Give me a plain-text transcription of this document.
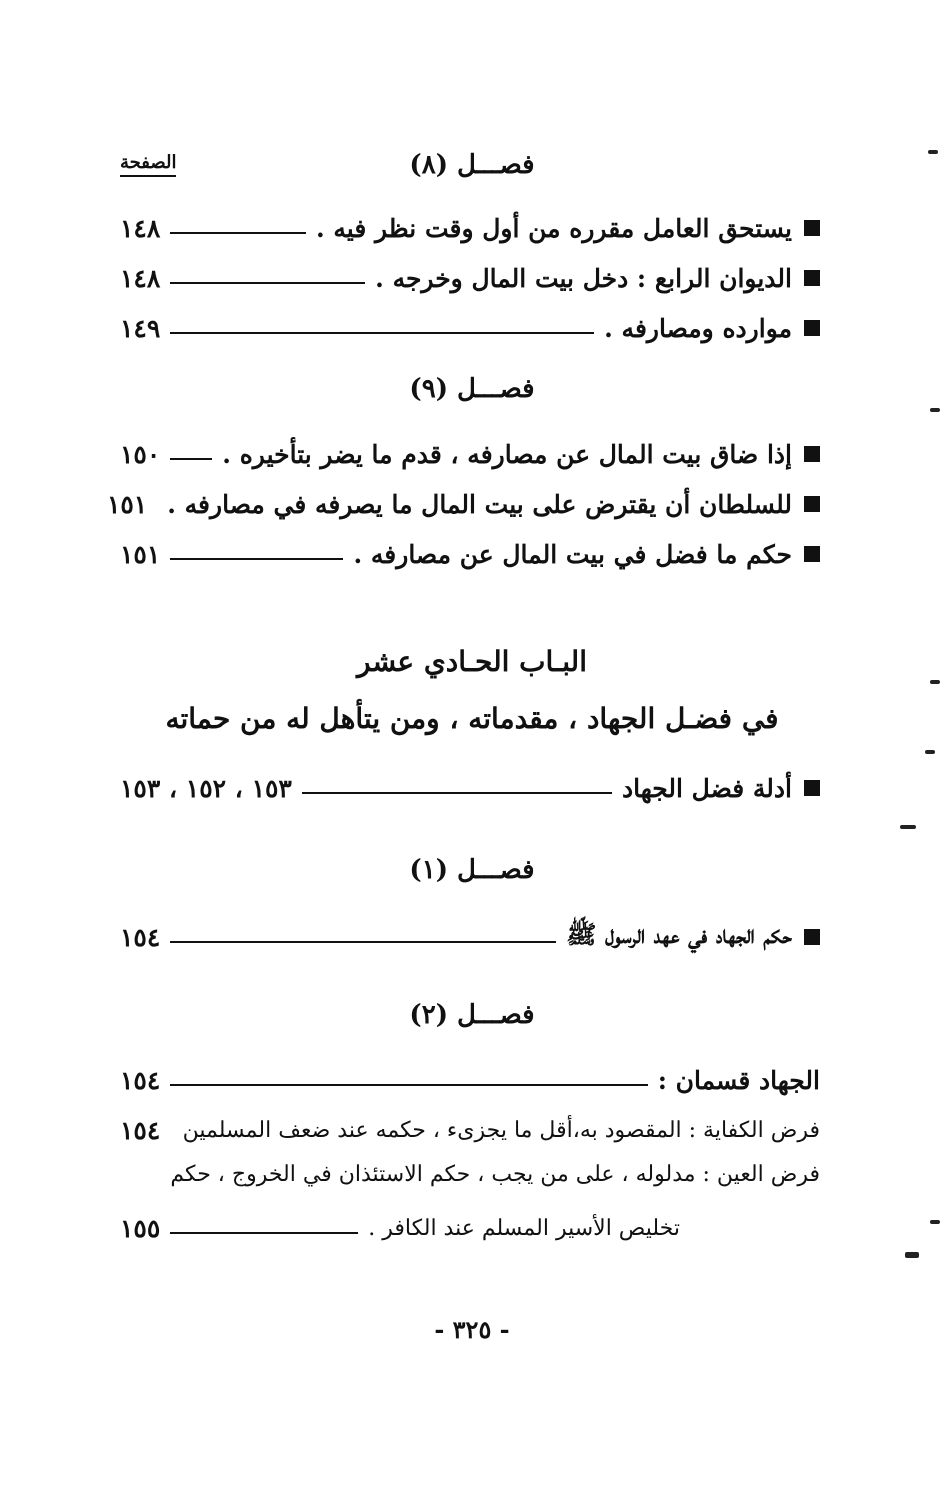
الصفحة	فصـــل (٨)
يستحق العامل مقرره من أول وقت نظر فيه .
١٤٨
الديوان الرابع : دخل بيت المال وخرجه .
١٤٨
موارده ومصارفه .
١٤٩
فصـــل (٩)
إذا ضاق بيت المال عن مصارفه ، قدم ما يضر بتأخيره .
١٥٠
للسلطان أن يقترض على بيت المال ما يصرفه في مصارفه .
١٥١
حكم ما فضل في بيت المال عن مصارفه .
١٥١
البـاب الحـادي عشر
في فضـل الجهاد ، مقدماته ، ومن يتأهل له من حماته
أدلة فضل الجهاد
١٥٣ ، ١٥٢ ، ١٥٣
فصـــل (١)
حكم الجهاد في عهد الرسول ﷺ
١٥٤
فصـــل (٢)
الجهاد قسمان :
١٥٤
فرض الكفاية : المقصود به،أقل ما يجزىء ، حكمه عند ضعف المسلمين
١٥٤
فرض العين : مدلوله ، على من يجب ، حكم الاستئذان في الخروج ، حكم
تخليص الأسير المسلم عند الكافر .
١٥٥
- ٣٢٥ -
